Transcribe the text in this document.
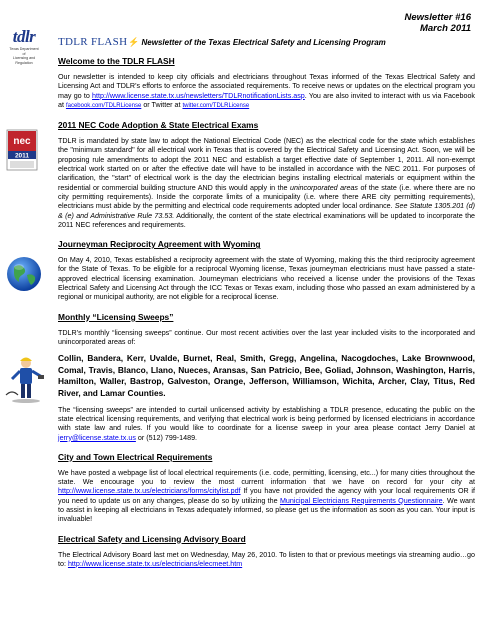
tdlr
Texas Department
of
Licensing and
Regulation
nec
2011
Newsletter #16
March 2011
TDLR FLASH ⚡ Newsletter of the Texas Electrical Safety and Licensing Program
Welcome to the TDLR FLASH

Our newsletter is intended to keep city officials and electricians throughout Texas informed of the Texas Electrical Safety and Licensing Act and TDLR’s efforts to enforce the associated requirements. To receive news or updates on the electrical program you may go to http://www.license.state.tx.us/newsletters/TDLRnotificationLists.asp. You are also invited to interact with us via Facebook at facebook.com/TDLRLicense or Twitter at twitter.com/TDLRLicense

2011 NEC Code Adoption & State Electrical Exams

TDLR is mandated by state law to adopt the National Electrical Code (NEC) as the electrical code for the state which establishes the "minimum standard" for all electrical work in Texas that is covered by the Electrical Safety and Licensing Act. Soon, we will be proposing rule amendments to adopt the 2011 NEC and establish a target effective date of September 1, 2011. All non-exempt electrical work started on or after the effective date will have to be installed in accordance with the NEC 2011. For purposes of clarification, the "start" of electrical work is the day the electrician begins installing electrical materials or equipment within the residential or commercial building structure AND this would apply in the unincorporated areas of the state (i.e. where there are no city permitting requirements). Inside the corporate limits of a municipality (i.e. where there ARE city permitting requirements), electricians must abide by the permitting and electrical code requirements adopted under local ordinance. See Statute 1305.201 (d) & (e) and Administrative Rule 73.53. Additionally, the content of the state electrical examinations will be updated to incorporate the 2011 NEC references and requirements.

Journeyman Reciprocity Agreement with Wyoming

On May 4, 2010, Texas established a reciprocity agreement with the state of Wyoming, making this the third reciprocity agreement for the State of Texas. To be eligible for a reciprocal Wyoming license, Texas journeyman electricians must have passed a state-approved electrical licensing examination. Journeyman electricians who received a license under the provisions of the Texas Electrical Safety and Licensing Act through the ICC Texas or Texas exam, including those who passed an exam administered by a regional or municipal authority, are not eligible for a reciprocal license.

Monthly “Licensing Sweeps”

TDLR’s monthly “licensing sweeps” continue. Our most recent activities over the last year included visits to the incorporated and unincorporated areas of:

Collin, Bandera, Kerr, Uvalde, Burnet, Real, Smith, Gregg, Angelina, Nacogdoches, Lake Brownwood, Comal, Travis, Blanco, Llano, Nueces, Aransas, San Patricio, Bee, Goliad, Johnson, Washington, Harris, Hamilton, Waller, Bastrop, Galveston, Orange, Jefferson, Williamson, Wichita, Archer, Clay, Titus, Red River, and Lamar Counties.

The “licensing sweeps” are intended to curtail unlicensed activity by establishing a TDLR presence, educating the public on the state electrical licensing requirements, and verifying that electrical work is being performed by licensed electricians in accordance with state law and rules. If you would like to coordinate for a license sweep in your area please contact Jerry Daniel at jerry@license.state.tx.us or (512) 799-1489.

City and Town Electrical Requirements

We have posted a webpage list of local electrical requirements (i.e. code, permitting, licensing, etc...) for many cities throughout the state. We encourage you to review the most current information that we have on record for your city at http://www.license.state.tx.us/electricians/forms/citylist.pdf If you have not provided the agency with your local requirements OR if you need to update us on any changes, please do so by utilizing the Municipal Electricians Requirements Questionnaire. We want to assist in keeping all electricians in Texas adequately informed, so please get us the information as soon as you can. Your input is invaluable!

Electrical Safety and Licensing Advisory Board

The Electrical Advisory Board last met on Wednesday, May 26, 2010. To listen to that or previous meetings via streaming audio…go to: http://www.license.state.tx.us/electricians/elecmeet.htm
